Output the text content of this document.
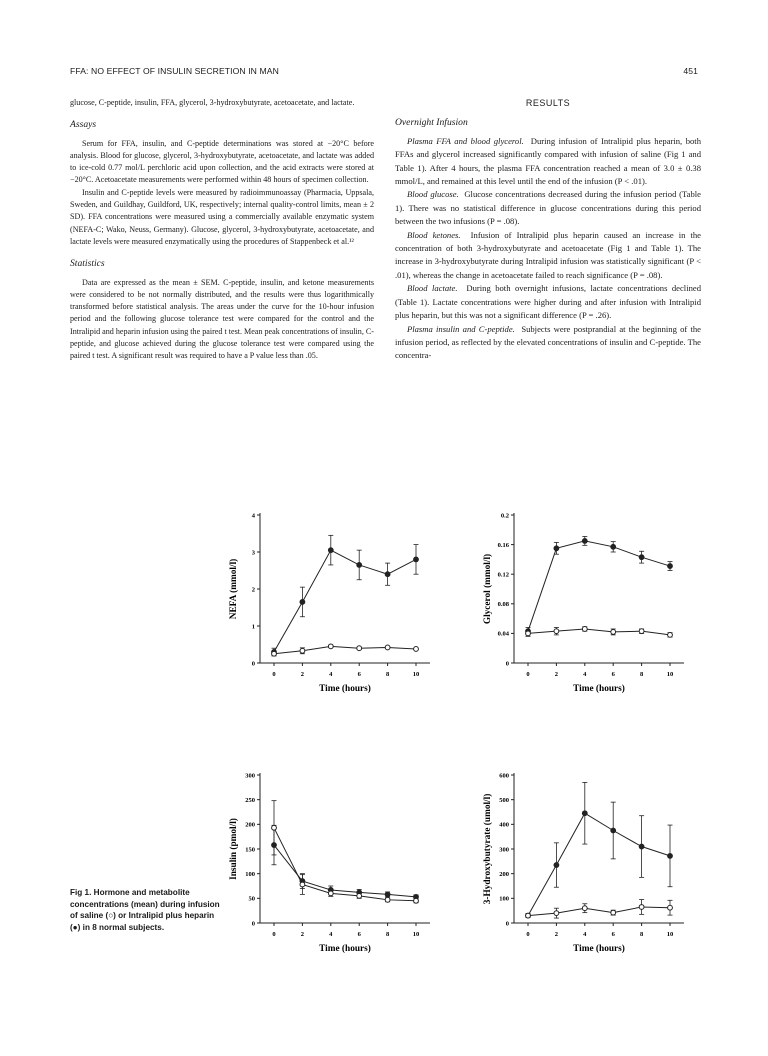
FFA: NO EFFECT OF INSULIN SECRETION IN MAN	451

glucose, C-peptide, insulin, FFA, glycerol, 3-hydroxybutyrate, acetoacetate, and lactate.

Assays

Serum for FFA, insulin, and C-peptide determinations was stored at −20°C before analysis. Blood for glucose, glycerol, 3-hydroxybutyrate, acetoacetate, and lactate was added to ice-cold 0.77 mol/L perchloric acid upon collection, and the acid extracts were stored at −20°C. Acetoacetate measurements were performed within 48 hours of specimen collection.

Insulin and C-peptide levels were measured by radioimmunoassay (Pharmacia, Uppsala, Sweden, and Guildhay, Guildford, UK, respectively; internal quality-control limits, mean ± 2 SD). FFA concentrations were measured using a commercially available enzymatic system (NEFA-C; Wako, Neuss, Germany). Glucose, glycerol, 3-hydroxybutyrate, acetoacetate, and lactate levels were measured enzymatically using the procedures of Stappenbeck et al.¹²

Statistics

Data are expressed as the mean ± SEM. C-peptide, insulin, and ketone measurements were considered to be not normally distributed, and the results were thus logarithmically transformed before statistical analysis. The areas under the curve for the 10-hour infusion period and the following glucose tolerance test were compared for the control and the Intralipid and heparin infusion using the paired t test. Mean peak concentrations of insulin, C-peptide, and glucose achieved during the glucose tolerance test were compared using the paired t test. A significant result was required to have a P value less than .05.

RESULTS

Overnight Infusion

Plasma FFA and blood glycerol. During infusion of Intralipid plus heparin, both FFAs and glycerol increased significantly compared with infusion of saline (Fig 1 and Table 1). After 4 hours, the plasma FFA concentration reached a mean of 3.0 ± 0.38 mmol/L, and remained at this level until the end of the infusion (P < .01).

Blood glucose. Glucose concentrations decreased during the infusion period (Table 1). There was no statistical difference in glucose concentrations during this period between the two infusions (P = .08).

Blood ketones. Infusion of Intralipid plus heparin caused an increase in the concentration of both 3-hydroxybutyrate and acetoacetate (Fig 1 and Table 1). The increase in 3-hydroxybutyrate during Intralipid infusion was statistically significant (P < .01), whereas the change in acetoacetate failed to reach significance (P = .08).

Blood lactate. During both overnight infusions, lactate concentrations declined (Table 1). Lactate concentrations were higher during and after infusion with Intralipid plus heparin, but this was not a significant difference (P = .26).

Plasma insulin and C-peptide. Subjects were postprandial at the beginning of the infusion period, as reflected by the elevated concentrations of insulin and C-peptide. The concentra-

0
1
2
3
4
0	2	4	6	8	10
Time (hours)
NEFA (mmol/l)
0
0.04
0.08
0.12
0.16
0.2
0	2	4	6	8	10
Time (hours)
Glycerol (mmol/l)
0
50
100
150
200
250
300
0	2	4	6	8	10
Time (hours)
Insulin (pmol/l)
0
100
200
300
400
500
600
0	2	4	6	8	10
Time (hours)
3-Hydroxybutyrate (umol/l)
Fig 1. Hormone and metabolite concentrations (mean) during infusion of saline (○) or Intralipid plus heparin (●) in 8 normal subjects.
